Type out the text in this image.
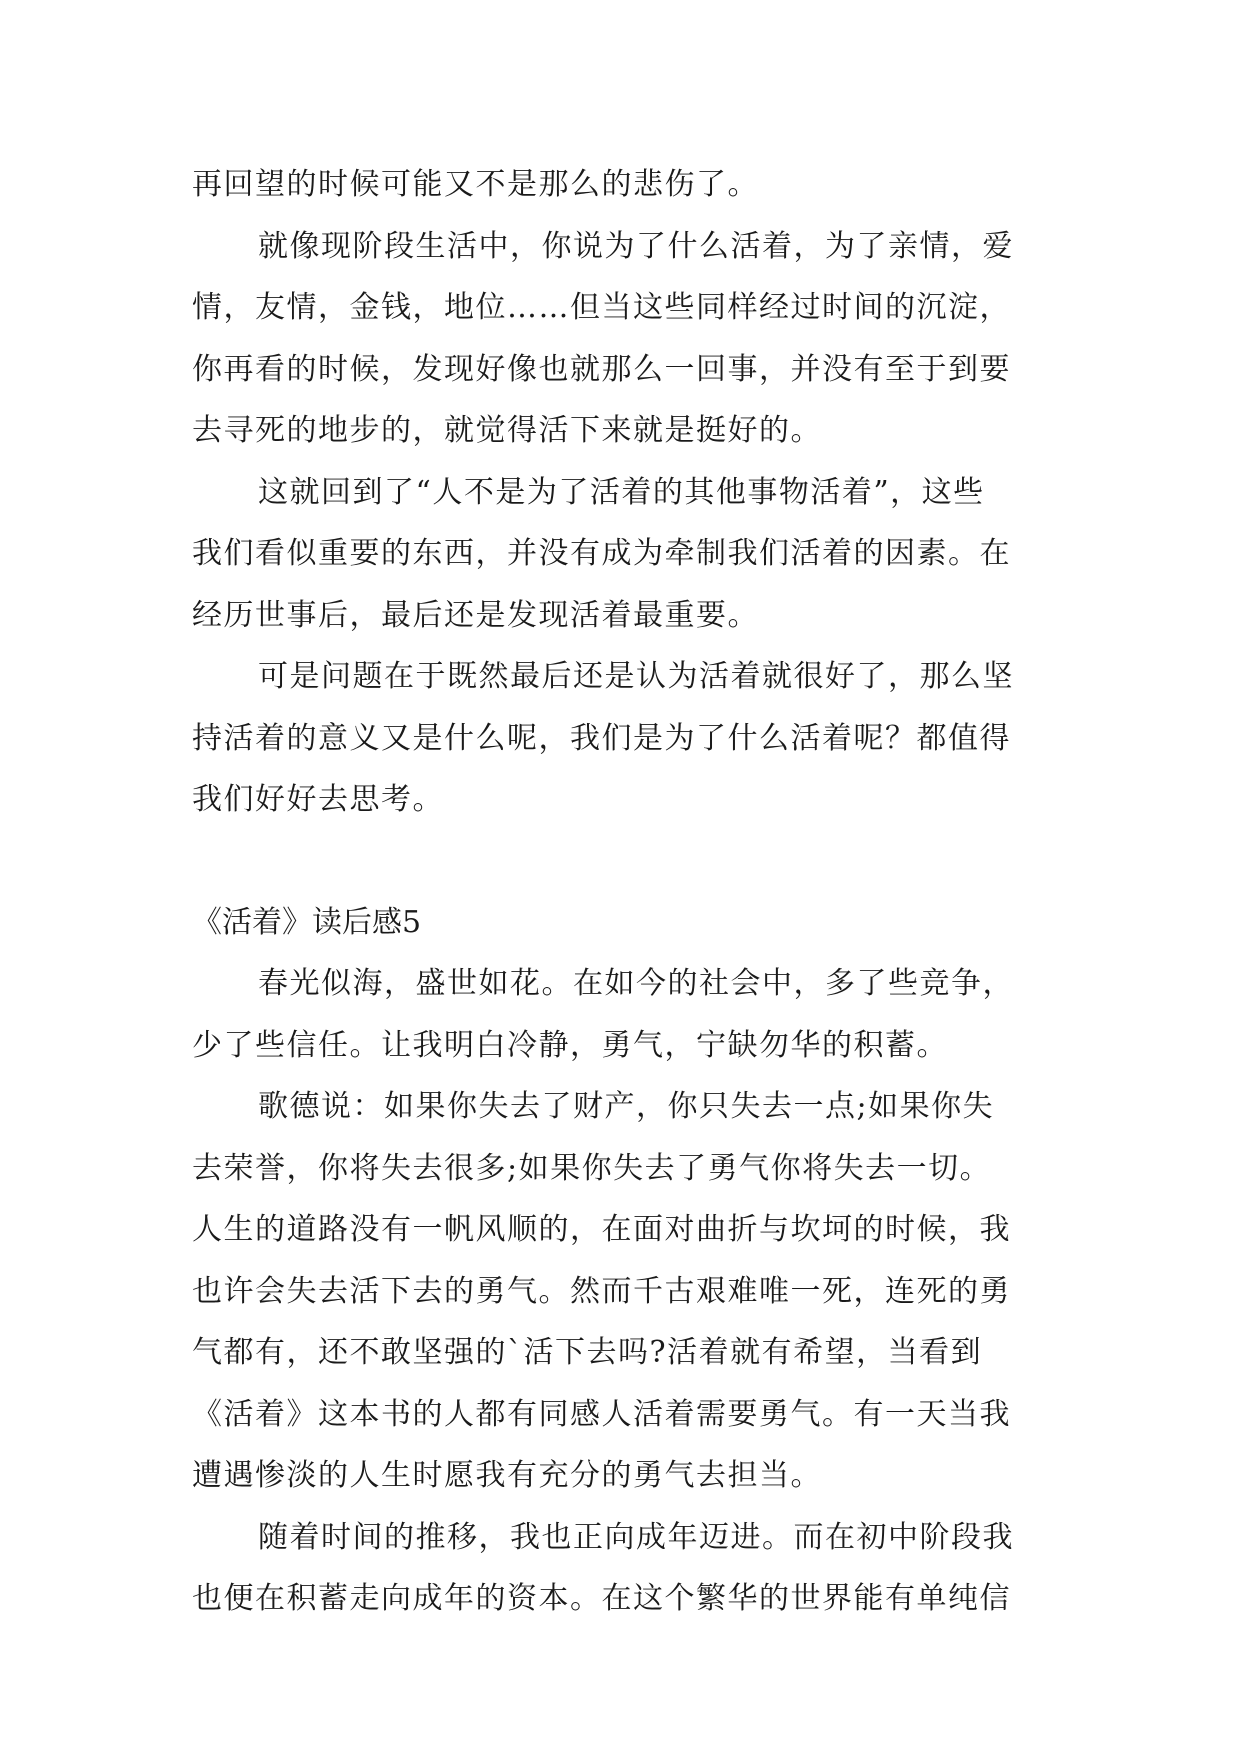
再回望的时候可能又不是那么的悲伤了。
就像现阶段生活中，你说为了什么活着，为了亲情，爱
情，友情，金钱，地位……但当这些同样经过时间的沉淀，
你再看的时候，发现好像也就那么一回事，并没有至于到要
去寻死的地步的，就觉得活下来就是挺好的。
这就回到了“人不是为了活着的其他事物活着”，这些
我们看似重要的东西，并没有成为牵制我们活着的因素。在
经历世事后，最后还是发现活着最重要。
可是问题在于既然最后还是认为活着就很好了，那么坚
持活着的意义又是什么呢，我们是为了什么活着呢？都值得
我们好好去思考。
《活着》读后感5
春光似海，盛世如花。在如今的社会中，多了些竞争，
少了些信任。让我明白冷静，勇气，宁缺勿华的积蓄。
歌德说：如果你失去了财产，你只失去一点;如果你失
去荣誉，你将失去很多;如果你失去了勇气你将失去一切。
人生的道路没有一帆风顺的，在面对曲折与坎坷的时候，我
也许会失去活下去的勇气。然而千古艰难唯一死，连死的勇
气都有，还不敢坚强的`活下去吗?活着就有希望，当看到
《活着》这本书的人都有同感人活着需要勇气。有一天当我
遭遇惨淡的人生时愿我有充分的勇气去担当。
随着时间的推移，我也正向成年迈进。而在初中阶段我
也便在积蓄走向成年的资本。在这个繁华的世界能有单纯信
